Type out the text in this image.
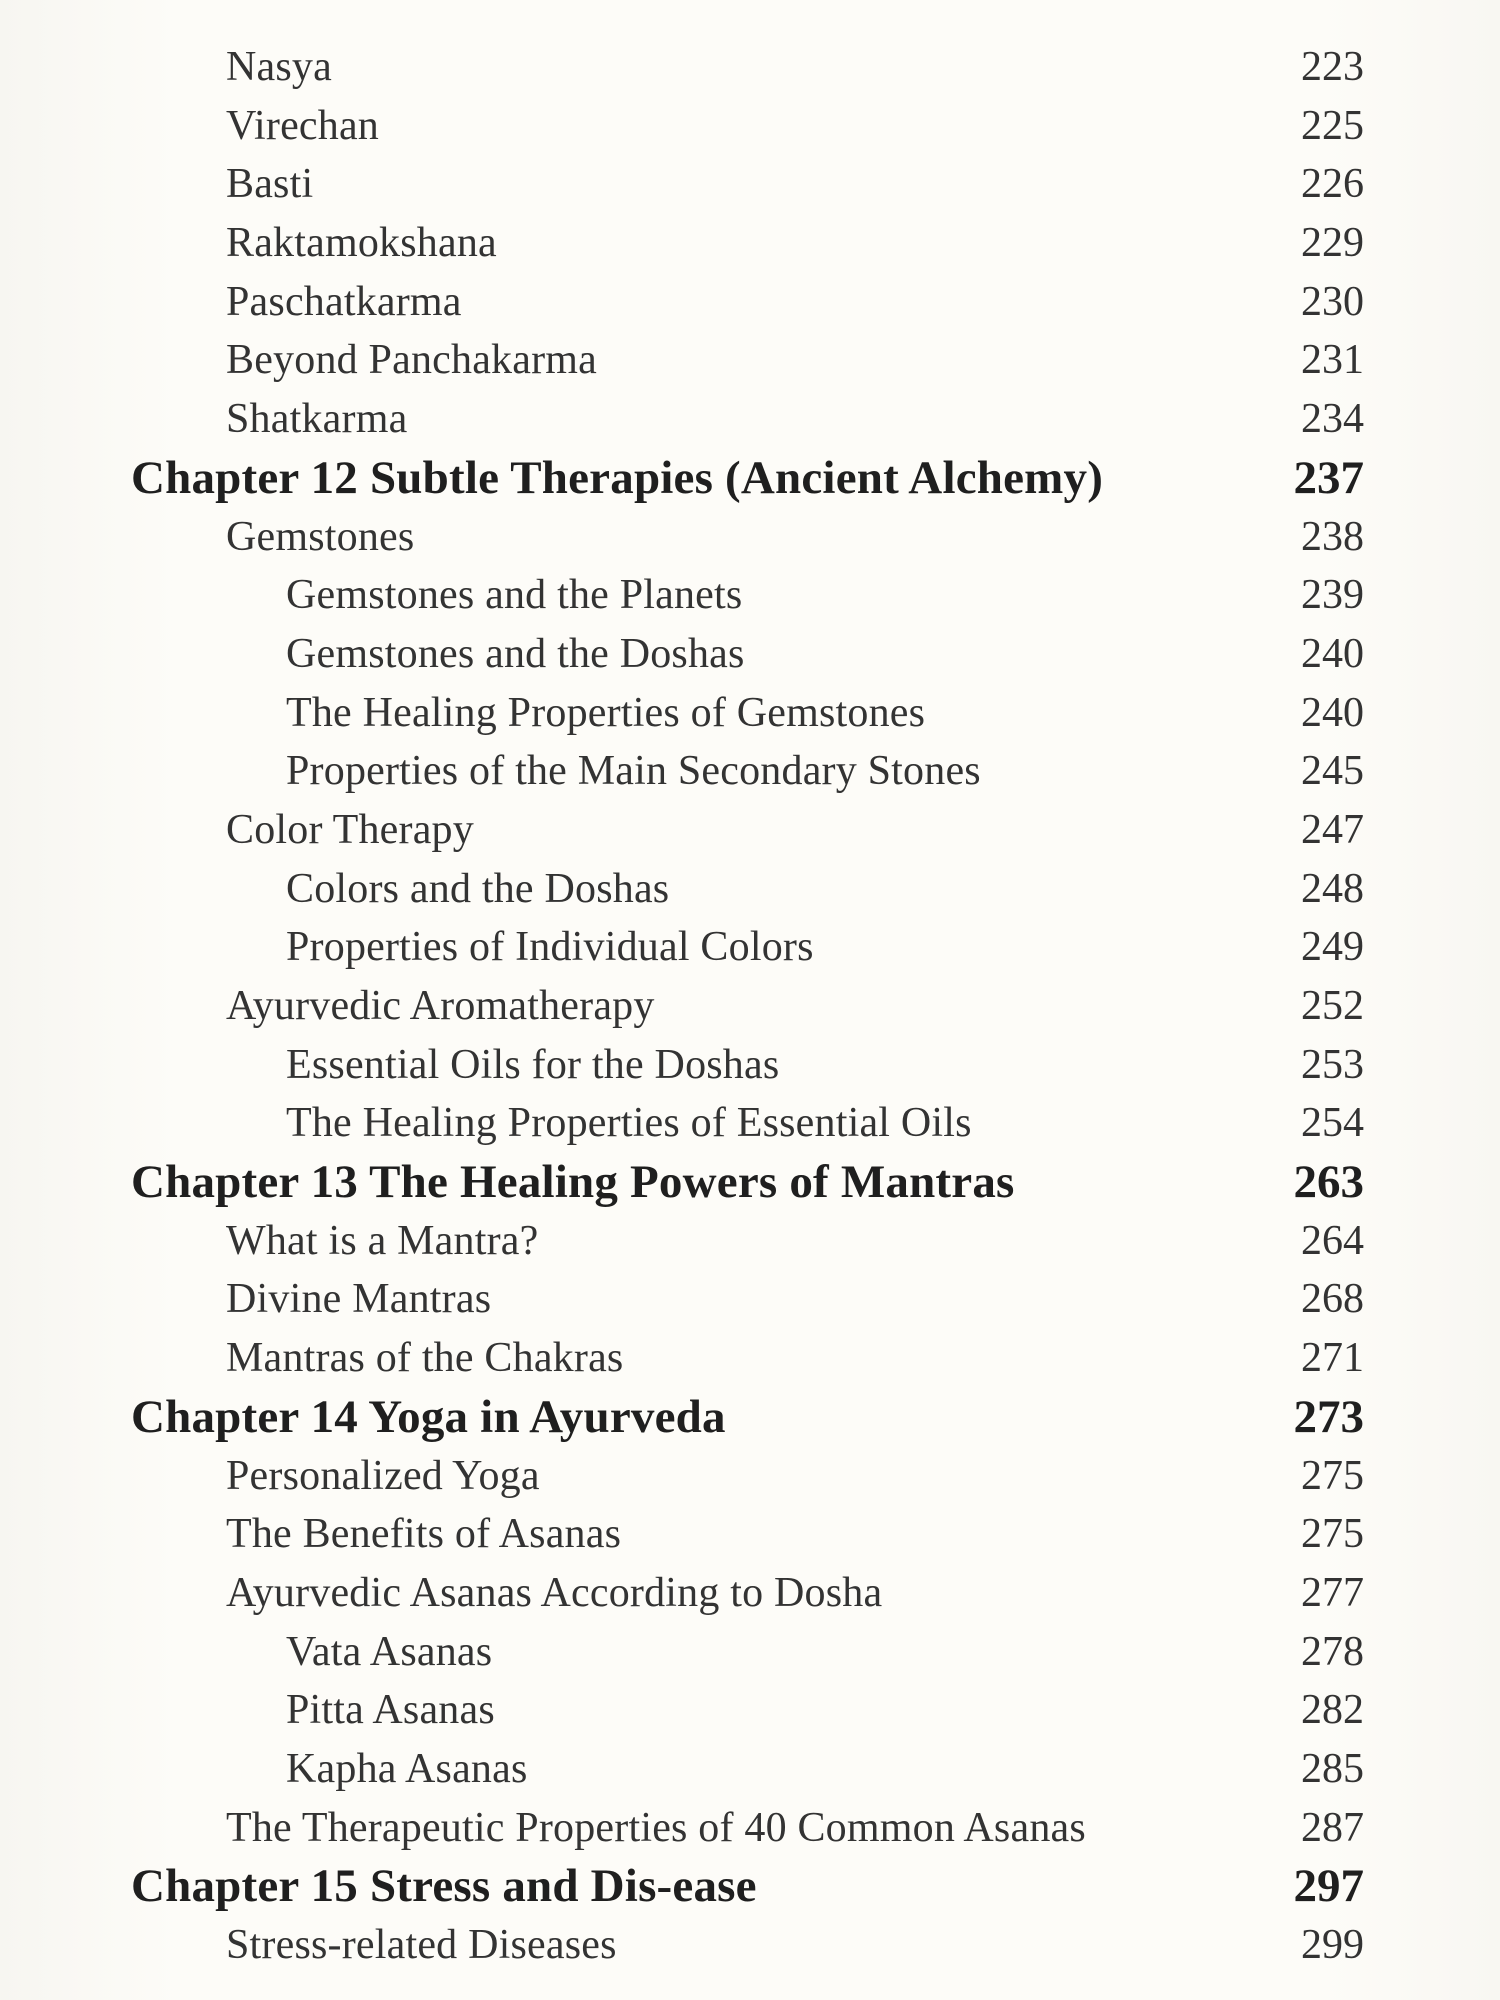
Nasya	223
Virechan	225
Basti	226
Raktamokshana	229
Paschatkarma	230
Beyond Panchakarma	231
Shatkarma	234
Chapter 12 Subtle Therapies (Ancient Alchemy)	237
Gemstones	238
Gemstones and the Planets	239
Gemstones and the Doshas	240
The Healing Properties of Gemstones	240
Properties of the Main Secondary Stones	245
Color Therapy	247
Colors and the Doshas	248
Properties of Individual Colors	249
Ayurvedic Aromatherapy	252
Essential Oils for the Doshas	253
The Healing Properties of Essential Oils	254
Chapter 13 The Healing Powers of Mantras	263
What is a Mantra?	264
Divine Mantras	268
Mantras of the Chakras	271
Chapter 14 Yoga in Ayurveda	273
Personalized Yoga	275
The Benefits of Asanas	275
Ayurvedic Asanas According to Dosha	277
Vata Asanas	278
Pitta Asanas	282
Kapha Asanas	285
The Therapeutic Properties of 40 Common Asanas	287
Chapter 15 Stress and Dis-ease	297
Stress-related Diseases	299
